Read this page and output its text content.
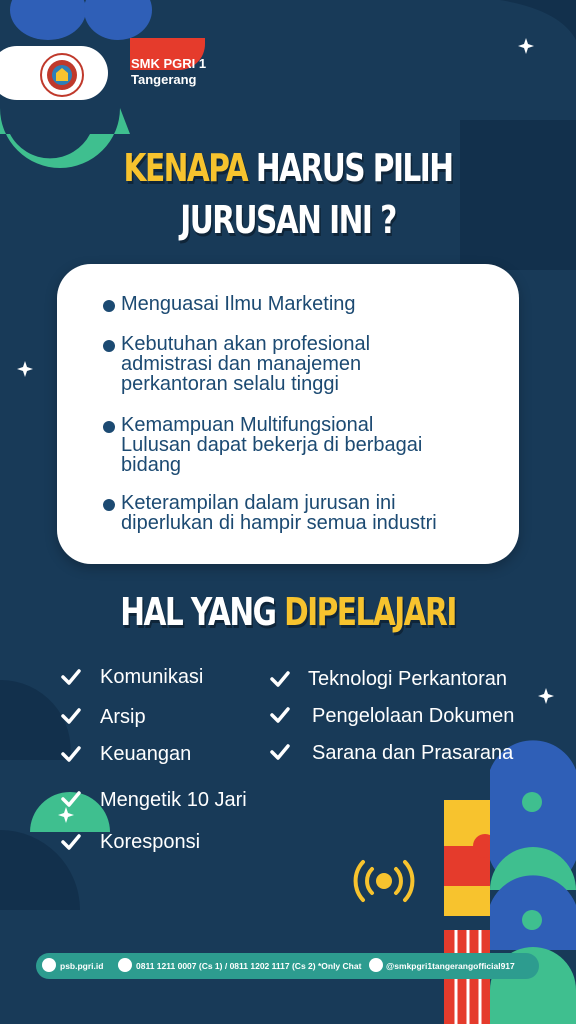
SMK PGRI 1
Tangerang
KENAPA HARUS PILIH
JURUSAN INI ?
Menguasai Ilmu Marketing
Kebutuhan akan profesional
admistrasi dan manajemen
perkantoran selalu tinggi
Kemampuan Multifungsional
Lulusan dapat bekerja di berbagai
bidang
Keterampilan dalam jurusan ini
diperlukan di hampir semua industri
HAL YANG DIPELAJARI
Komunikasi
Arsip
Keuangan
Mengetik 10 Jari
Koresponsi
Teknologi Perkantoran
Pengelolaan Dokumen
Sarana dan Prasarana
psb.pgri.id	0811 1211 0007 (Cs 1) / 0811 1202 1117 (Cs 2) *Only Chat	@smkpgri1tangerangofficial917
